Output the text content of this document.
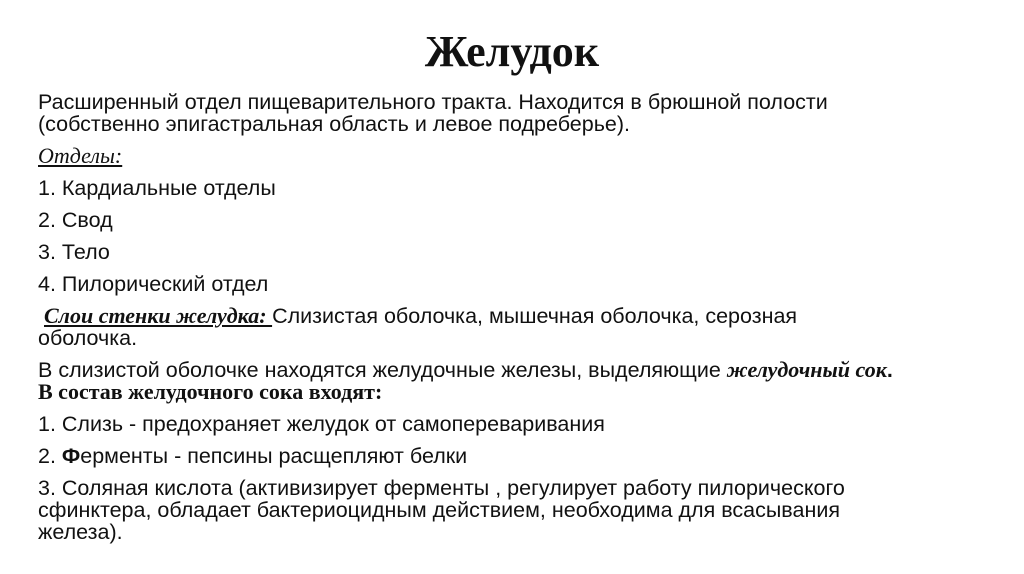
Желудок

Расширенный отдел пищеварительного тракта. Находится в брюшной полости

(собственно эпигастральная область и левое подреберье).

Отделы:

1. Кардиальные отделы

2. Свод

3. Тело

4. Пилорический отдел

Слои стенки желудка: Слизистая оболочка, мышечная оболочка, серозная

оболочка.

В слизистой оболочке находятся желудочные железы, выделяющие желудочный сок.

В состав желудочного сока входят:

1. Слизь - предохраняет желудок от самопереваривания

2. Ферменты - пепсины расщепляют белки

3. Соляная кислота (активизирует ферменты , регулирует работу пилорического

сфинктера, обладает бактериоцидным действием, необходима для всасывания

железа).
